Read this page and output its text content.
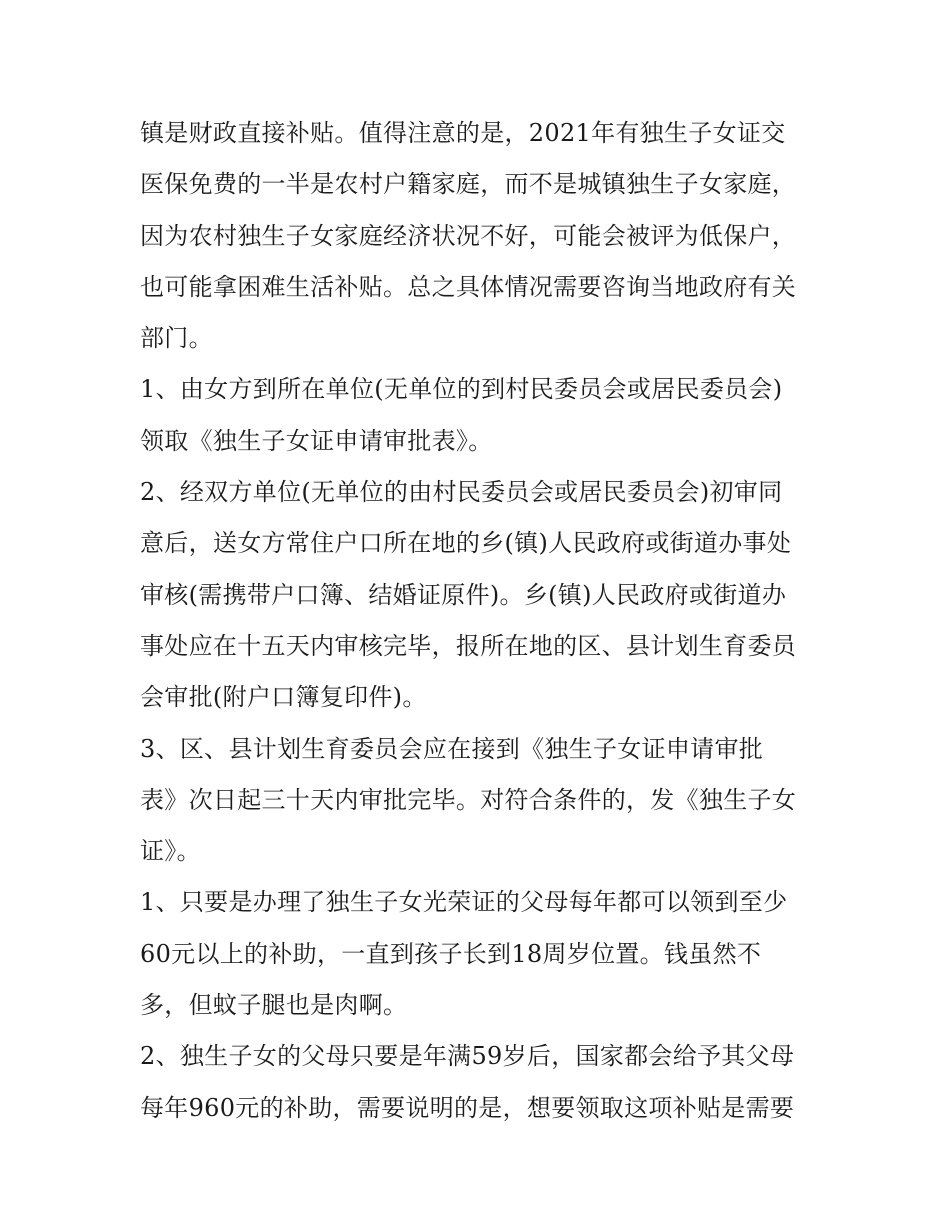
镇是财政直接补贴。值得注意的是，2021年有独生子女证交
医保免费的一半是农村户籍家庭，而不是城镇独生子女家庭，
因为农村独生子女家庭经济状况不好，可能会被评为低保户，
也可能拿困难生活补贴。总之具体情况需要咨询当地政府有关
部门。
1、由女方到所在单位(无单位的到村民委员会或居民委员会)
领取《独生子女证申请审批表》。
2、经双方单位(无单位的由村民委员会或居民委员会)初审同
意后，送女方常住户口所在地的乡(镇)人民政府或街道办事处
审核(需携带户口簿、结婚证原件)。乡(镇)人民政府或街道办
事处应在十五天内审核完毕，报所在地的区、县计划生育委员
会审批(附户口簿复印件)。
3、区、县计划生育委员会应在接到《独生子女证申请审批
表》次日起三十天内审批完毕。对符合条件的，发《独生子女
证》。
1、只要是办理了独生子女光荣证的父母每年都可以领到至少
60元以上的补助，一直到孩子长到18周岁位置。钱虽然不
多，但蚊子腿也是肉啊。
2、独生子女的父母只要是年满59岁后，国家都会给予其父母
每年960元的补助，需要说明的是，想要领取这项补贴是需要
